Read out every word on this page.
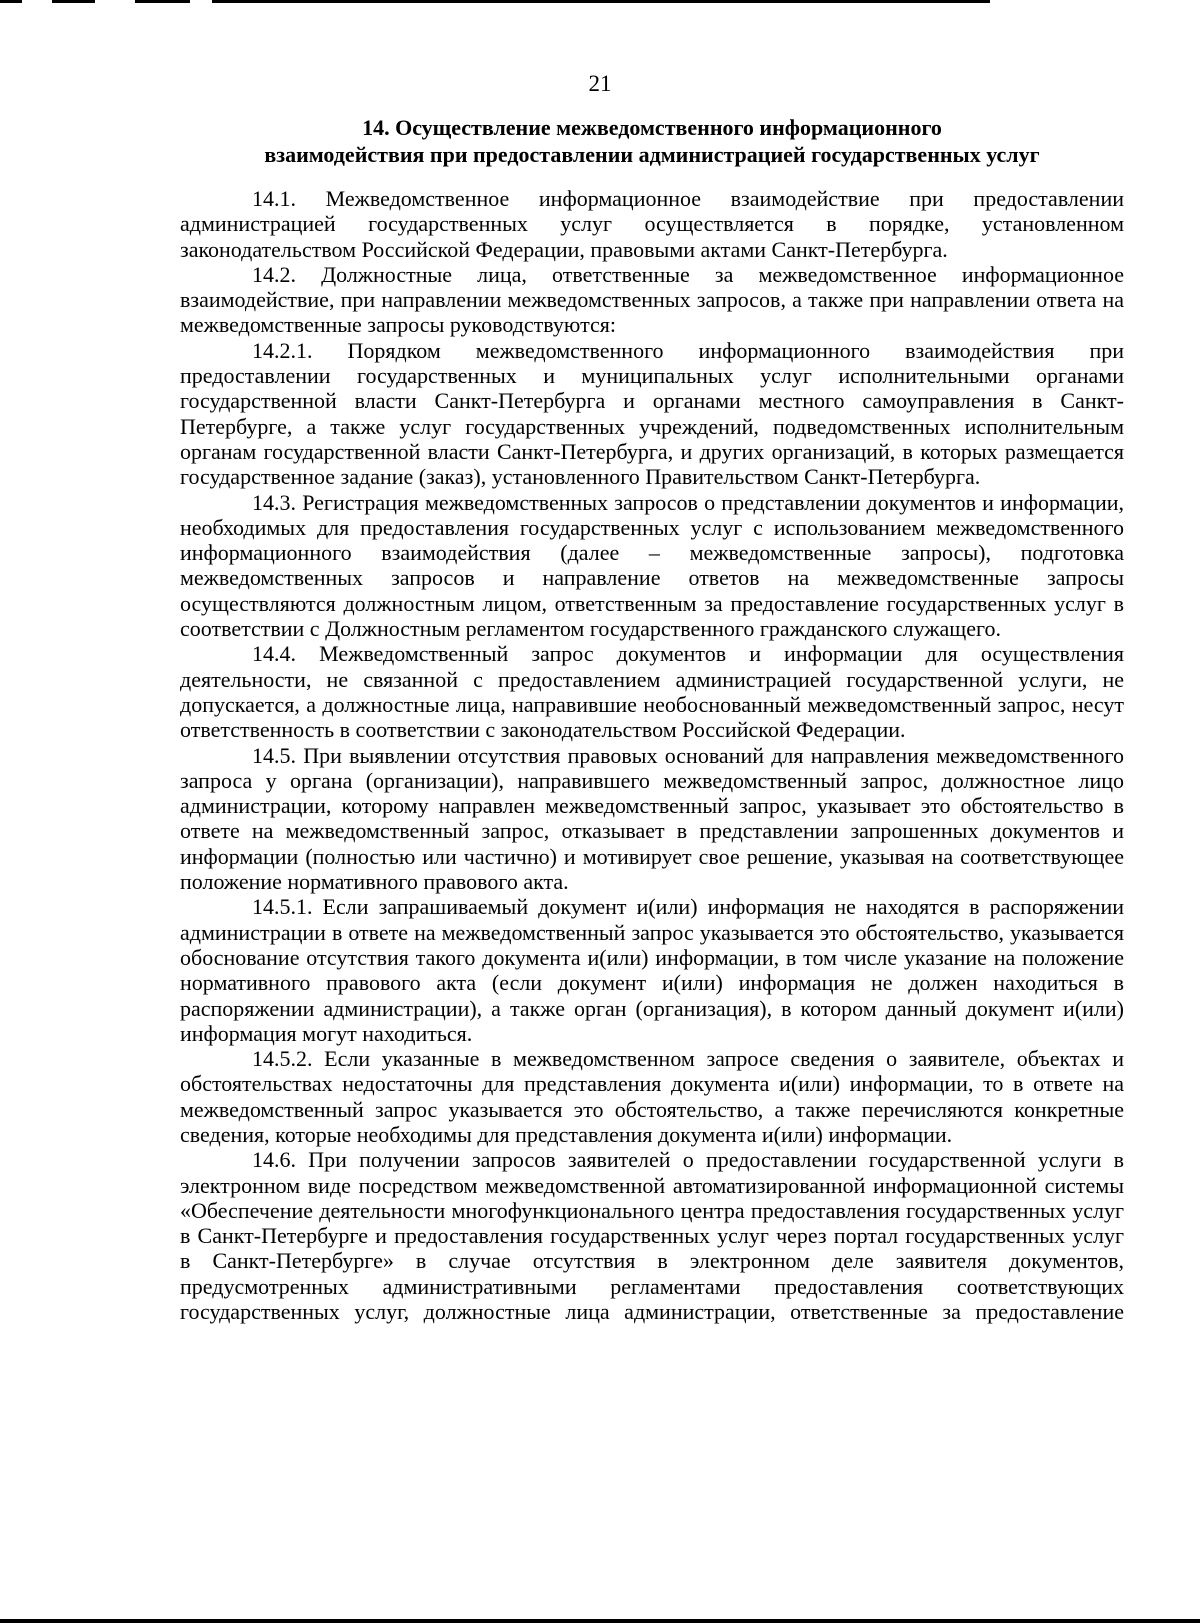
21
14. Осуществление межведомственного информационного
взаимодействия при предоставлении администрацией государственных услуг

14.1. Межведомственное информационное взаимодействие при предоставлении администрацией государственных услуг осуществляется в порядке, установленном законодательством Российской Федерации, правовыми актами Санкт-Петербурга.

14.2. Должностные лица, ответственные за межведомственное информационное взаимодействие, при направлении межведомственных запросов, а также при направлении ответа на межведомственные запросы руководствуются:

14.2.1. Порядком межведомственного информационного взаимодействия при предоставлении государственных и муниципальных услуг исполнительными органами государственной власти Санкт-Петербурга и органами местного самоуправления в Санкт-Петербурге, а также услуг государственных учреждений, подведомственных исполнительным органам государственной власти Санкт-Петербурга, и других организаций, в которых размещается государственное задание (заказ), установленного Правительством Санкт-Петербурга.

14.3. Регистрация межведомственных запросов о представлении документов и информации, необходимых для предоставления государственных услуг с использованием межведомственного информационного взаимодействия (далее – межведомственные запросы), подготовка межведомственных запросов и направление ответов на межведомственные запросы осуществляются должностным лицом, ответственным за предоставление государственных услуг в соответствии с Должностным регламентом государственного гражданского служащего.

14.4. Межведомственный запрос документов и информации для осуществления деятельности, не связанной с предоставлением администрацией государственной услуги, не допускается, а должностные лица, направившие необоснованный межведомственный запрос, несут ответственность в соответствии с законодательством Российской Федерации.

14.5. При выявлении отсутствия правовых оснований для направления межведомственного запроса у органа (организации), направившего межведомственный запрос, должностное лицо администрации, которому направлен межведомственный запрос, указывает это обстоятельство в ответе на межведомственный запрос, отказывает в представлении запрошенных документов и информации (полностью или частично) и мотивирует свое решение, указывая на соответствующее положение нормативного правового акта.

14.5.1. Если запрашиваемый документ и(или) информация не находятся в распоряжении администрации в ответе на межведомственный запрос указывается это обстоятельство, указывается обоснование отсутствия такого документа и(или) информации, в том числе указание на положение нормативного правового акта (если документ и(или) информация не должен находиться в распоряжении администрации), а также орган (организация), в котором данный документ и(или) информация могут находиться.

14.5.2. Если указанные в межведомственном запросе сведения о заявителе, объектах и обстоятельствах недостаточны для представления документа и(или) информации, то в ответе на межведомственный запрос указывается это обстоятельство, а также перечисляются конкретные сведения, которые необходимы для представления документа и(или) информации.

14.6. При получении запросов заявителей о предоставлении государственной услуги в электронном виде посредством межведомственной автоматизированной информационной системы «Обеспечение деятельности многофункционального центра предоставления государственных услуг в Санкт-Петербурге и предоставления государственных услуг через портал государственных услуг в Санкт-Петербурге» в случае отсутствия в электронном деле заявителя документов, предусмотренных административными регламентами предоставления соответствующих государственных услуг, должностные лица администрации, ответственные за предоставление
